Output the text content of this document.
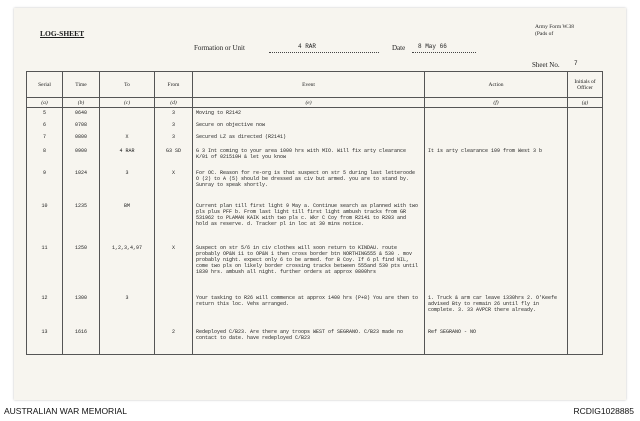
LOG-SHEET
Army Form W.38
(Pads of
Formation or Unit	4 RAR	Date 8 May 66
Sheet No. 7
Serial	Time	To	From	Event	Action	Initials of Officer
(a)	(b)	(c)	(d)	(e)	(f)	(g)
5	0640		3	Moving to R2142		
6	0708		3	Secure on objective now		
7	0800	X	3	Secured LZ as directed (R2141)		
8	0900	4 RAR	G3 SD	G 3 Int coming to your area 1000 hrs with MIO. Will fix arty clearance K/01 of 021510H & let you know	It is arty clearance 109 from West 3 b	
9	1024	3	X	For OC. Reason for re-org is that suspect on str 5 during last letteroode O (2) to A (5) should be dressed as civ but armed. you are to stand by. Sunray to speak shortly.		
10	1235	BM		Current plan till first light 9 May a. Continue search as planned with two pls plus PFF b. From last light till first light ambush tracks from GR 531962 to PLAMAN KAIK with two pls c. Wkr C Coy from R2141 to R203 and hold as reserve. d. Tracker pl in loc at 30 mins notice.		
11	1250	1,2,3,4,97	X	Suspect on str 5/6 in civ clothes will soon return to KINDAU. route probably OP&N 11 to OP&N 1 then cross border btn NORTHING555 & 530 . mov probably night. expect only 6 to be armed. for B Coy. If 6 pl find NIL, come two pls on likely border crossing tracks between 555and 530 pts until 1830 hrs. ambush all night. further orders at approx 0800hrs		
12	1300	3		Your tasking to R26 will commence at approx 1400 hrs (P+8) You are then to return this loc. Vehs arranged.	1. Truck & arm car leave 1330hrs 2. O'Keefe advised Bty to remain 26 until fly in complete. 3. 33 AVPCR there already.	
13	1616		2	Redeployed C/B23. Are there any troops WEST of SEGRANO. C/B23 made no contact to date. have redeployed C/B23	Ref SEGRANO - NO	
AUSTRALIAN WAR MEMORIAL	RCDIG1028885
